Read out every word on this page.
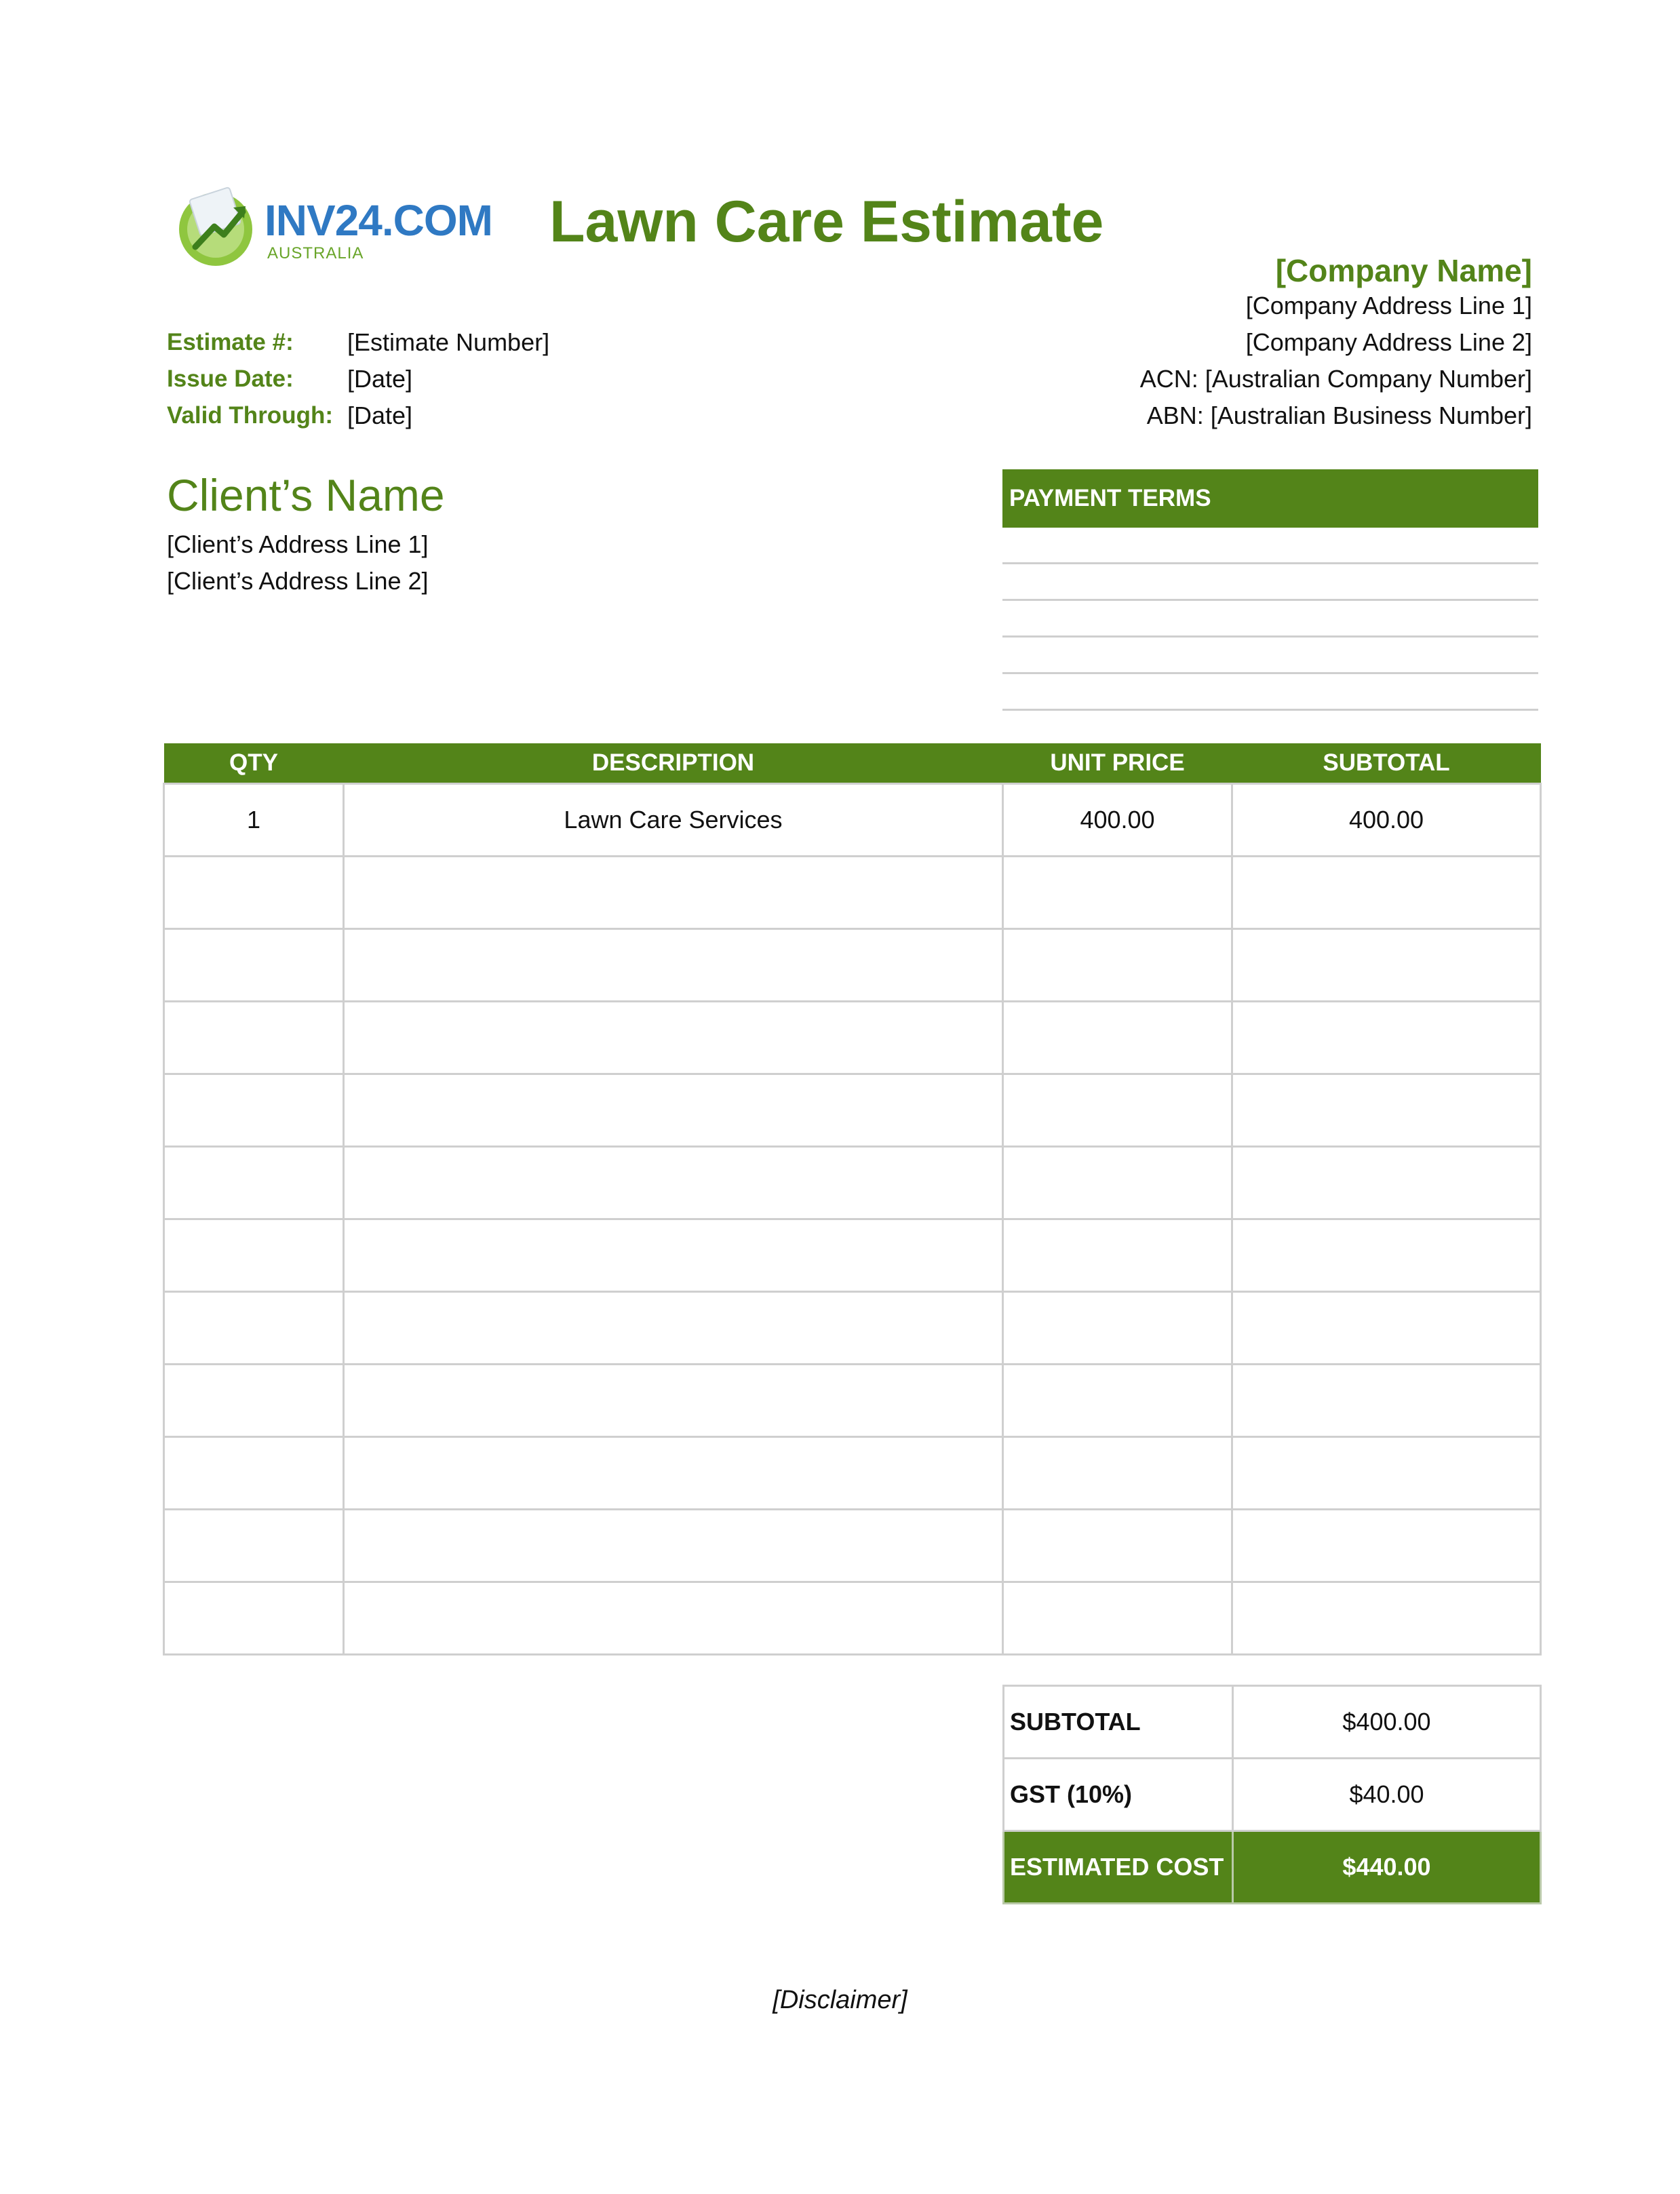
INV24.COM
AUSTRALIA	Lawn Care Estimate
[Company Name]
[Company Address Line 1]
[Company Address Line 2]
ACN: [Australian Company Number]
ABN: [Australian Business Number]
Estimate #: [Estimate Number]
Issue Date: [Date]
Valid Through: [Date]
Client’s Name
[Client’s Address Line 1]
[Client’s Address Line 2]
PAYMENT TERMS
QTY	DESCRIPTION	UNIT PRICE	SUBTOTAL
1	Lawn Care Services	400.00	400.00

SUBTOTAL	$400.00
GST (10%)	$40.00
ESTIMATED COST	$440.00
[Disclaimer]
